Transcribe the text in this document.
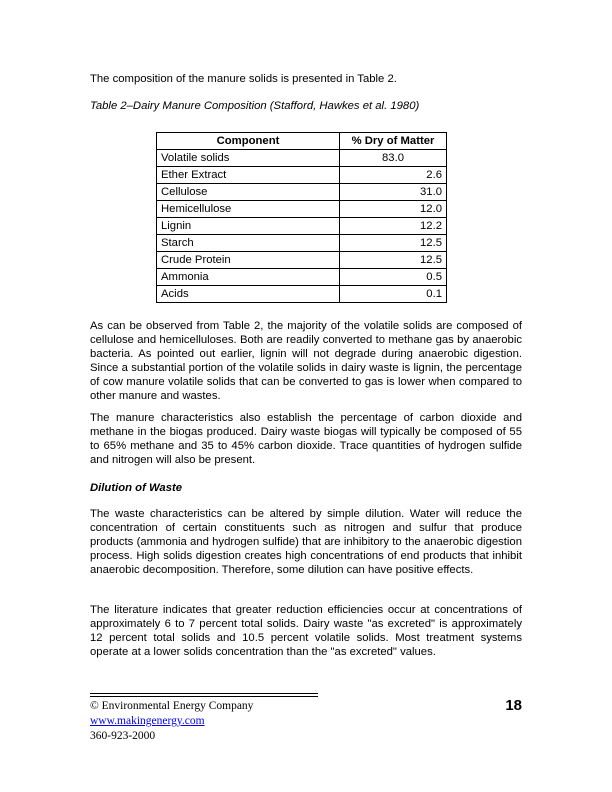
The composition of the manure solids is presented in Table 2.

Table 2–Dairy Manure Composition (Stafford, Hawkes et al. 1980)

Component	% Dry of Matter
Volatile solids	83.0
Ether Extract	2.6
Cellulose	31.0
Hemicellulose	12.0
Lignin	12.2
Starch	12.5
Crude Protein	12.5
Ammonia	0.5
Acids	0.1

As can be observed from Table 2, the majority of the volatile solids are composed of cellulose and hemicelluloses. Both are readily converted to methane gas by anaerobic bacteria. As pointed out earlier, lignin will not degrade during anaerobic digestion. Since a substantial portion of the volatile solids in dairy waste is lignin, the percentage of cow manure volatile solids that can be converted to gas is lower when compared to other manure and wastes.

The manure characteristics also establish the percentage of carbon dioxide and methane in the biogas produced. Dairy waste biogas will typically be composed of 55 to 65% methane and 35 to 45% carbon dioxide. Trace quantities of hydrogen sulfide and nitrogen will also be present.

Dilution of Waste

The waste characteristics can be altered by simple dilution. Water will reduce the concentration of certain constituents such as nitrogen and sulfur that produce products (ammonia and hydrogen sulfide) that are inhibitory to the anaerobic digestion process. High solids digestion creates high concentrations of end products that inhibit anaerobic decomposition. Therefore, some dilution can have positive effects.

The literature indicates that greater reduction efficiencies occur at concentrations of approximately 6 to 7 percent total solids. Dairy waste "as excreted" is approximately 12 percent total solids and 10.5 percent volatile solids. Most treatment systems operate at a lower solids concentration than the "as excreted" values.

© Environmental Energy Company
www.makingenergy.com
360-923-2000
18
